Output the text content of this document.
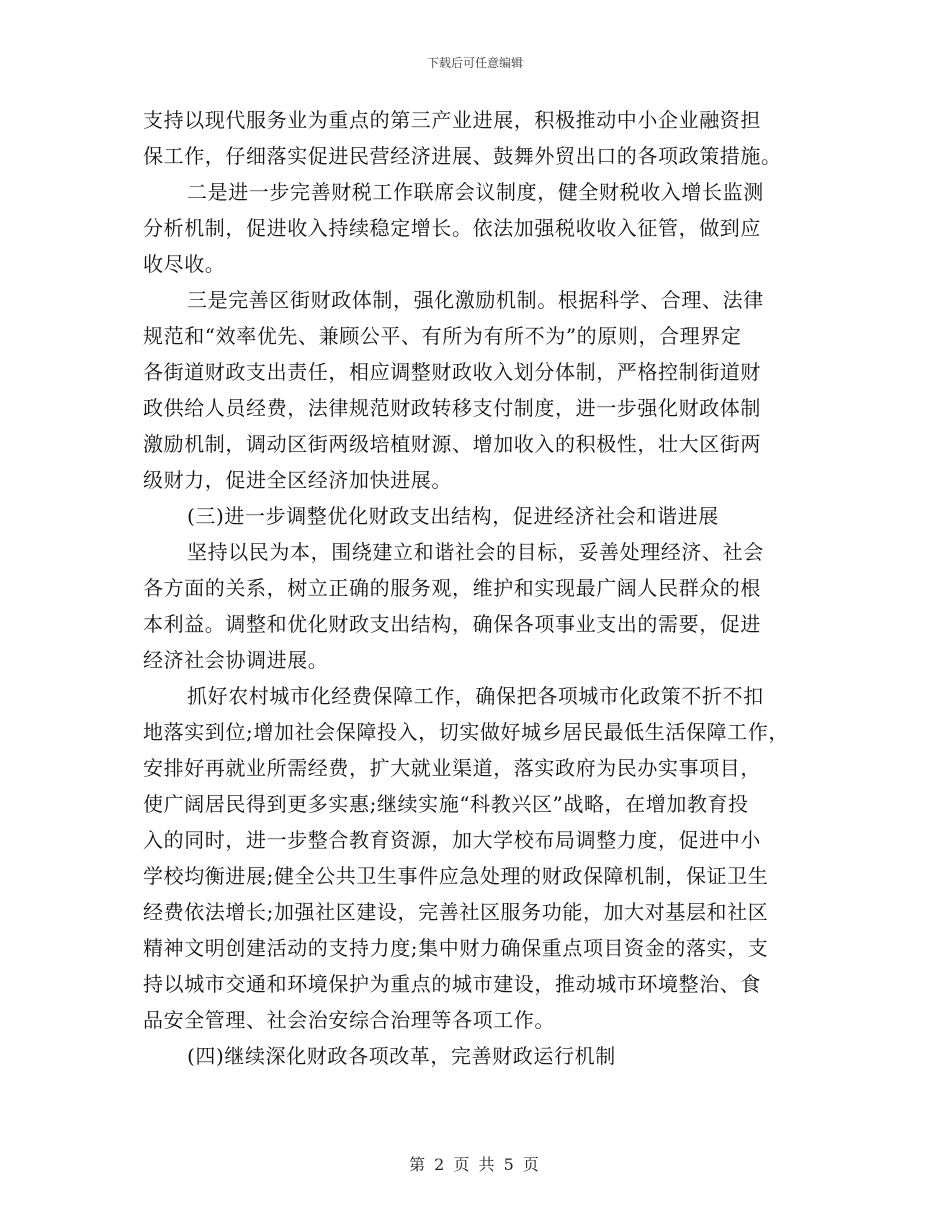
下载后可任意编辑
支持以现代服务业为重点的第三产业进展，积极推动中小企业融资担
保工作，仔细落实促进民营经济进展、鼓舞外贸出口的各项政策措施。
二是进一步完善财税工作联席会议制度，健全财税收入增长监测
分析机制，促进收入持续稳定增长。依法加强税收收入征管，做到应
收尽收。
三是完善区街财政体制，强化激励机制。根据科学、合理、法律
规范和“效率优先、兼顾公平、有所为有所不为”的原则，合理界定
各街道财政支出责任，相应调整财政收入划分体制，严格控制街道财
政供给人员经费，法律规范财政转移支付制度，进一步强化财政体制
激励机制，调动区街两级培植财源、增加收入的积极性，壮大区街两
级财力，促进全区经济加快进展。
(三)进一步调整优化财政支出结构，促进经济社会和谐进展
坚持以民为本，围绕建立和谐社会的目标，妥善处理经济、社会
各方面的关系，树立正确的服务观，维护和实现最广阔人民群众的根
本利益。调整和优化财政支出结构，确保各项事业支出的需要，促进
经济社会协调进展。
抓好农村城市化经费保障工作，确保把各项城市化政策不折不扣
地落实到位;增加社会保障投入，切实做好城乡居民最低生活保障工作，
安排好再就业所需经费，扩大就业渠道，落实政府为民办实事项目，
使广阔居民得到更多实惠;继续实施“科教兴区”战略，在增加教育投
入的同时，进一步整合教育资源，加大学校布局调整力度，促进中小
学校均衡进展;健全公共卫生事件应急处理的财政保障机制，保证卫生
经费依法增长;加强社区建设，完善社区服务功能，加大对基层和社区
精神文明创建活动的支持力度;集中财力确保重点项目资金的落实，支
持以城市交通和环境保护为重点的城市建设，推动城市环境整治、食
品安全管理、社会治安综合治理等各项工作。
(四)继续深化财政各项改革，完善财政运行机制
第 2 页 共 5 页
